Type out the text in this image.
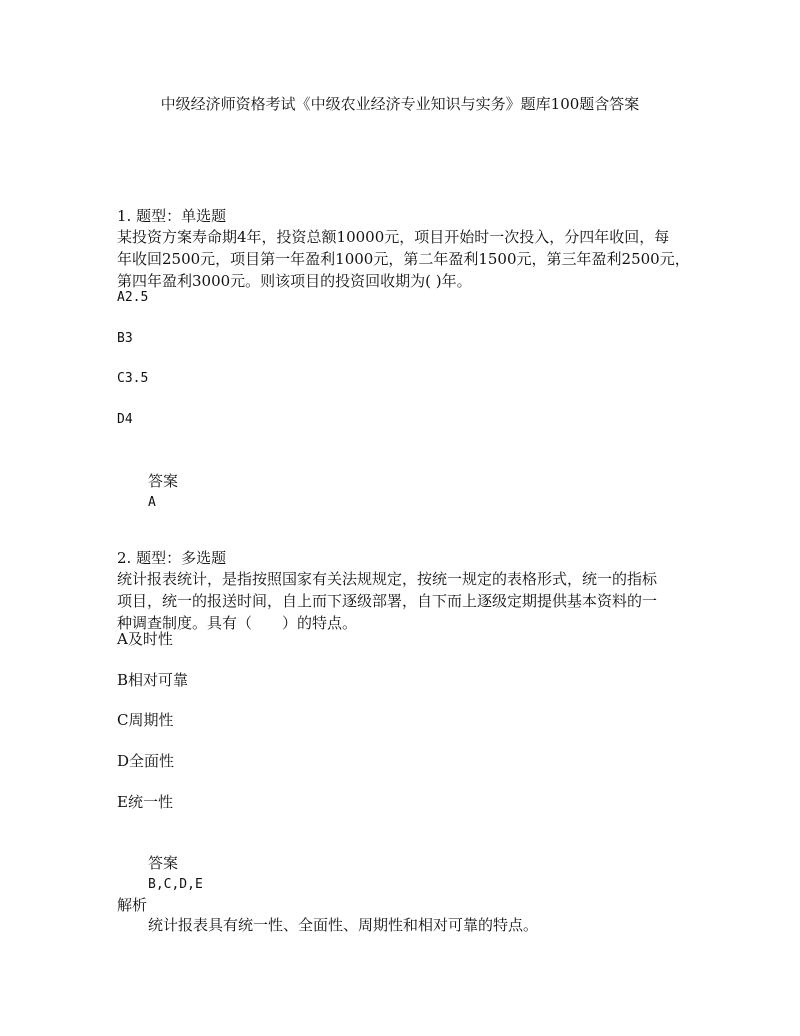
中级经济师资格考试《中级农业经济专业知识与实务》题库100题含答案
1. 题型：单选题
某投资方案寿命期4年，投资总额10000元，项目开始时一次投入，分四年收回，每
年收回2500元，项目第一年盈利1000元，第二年盈利1500元，第三年盈利2500元，
第四年盈利3000元。则该项目的投资回收期为( )年。
A2.5
B3
C3.5
D4
答案
A
2. 题型：多选题
统计报表统计，是指按照国家有关法规规定，按统一规定的表格形式，统一的指标
项目，统一的报送时间，自上而下逐级部署，自下而上逐级定期提供基本资料的一
种调查制度。具有（　　）的特点。
A及时性
B相对可靠
C周期性
D全面性
E统一性
答案
B,C,D,E
解析
统计报表具有统一性、全面性、周期性和相对可靠的特点。
